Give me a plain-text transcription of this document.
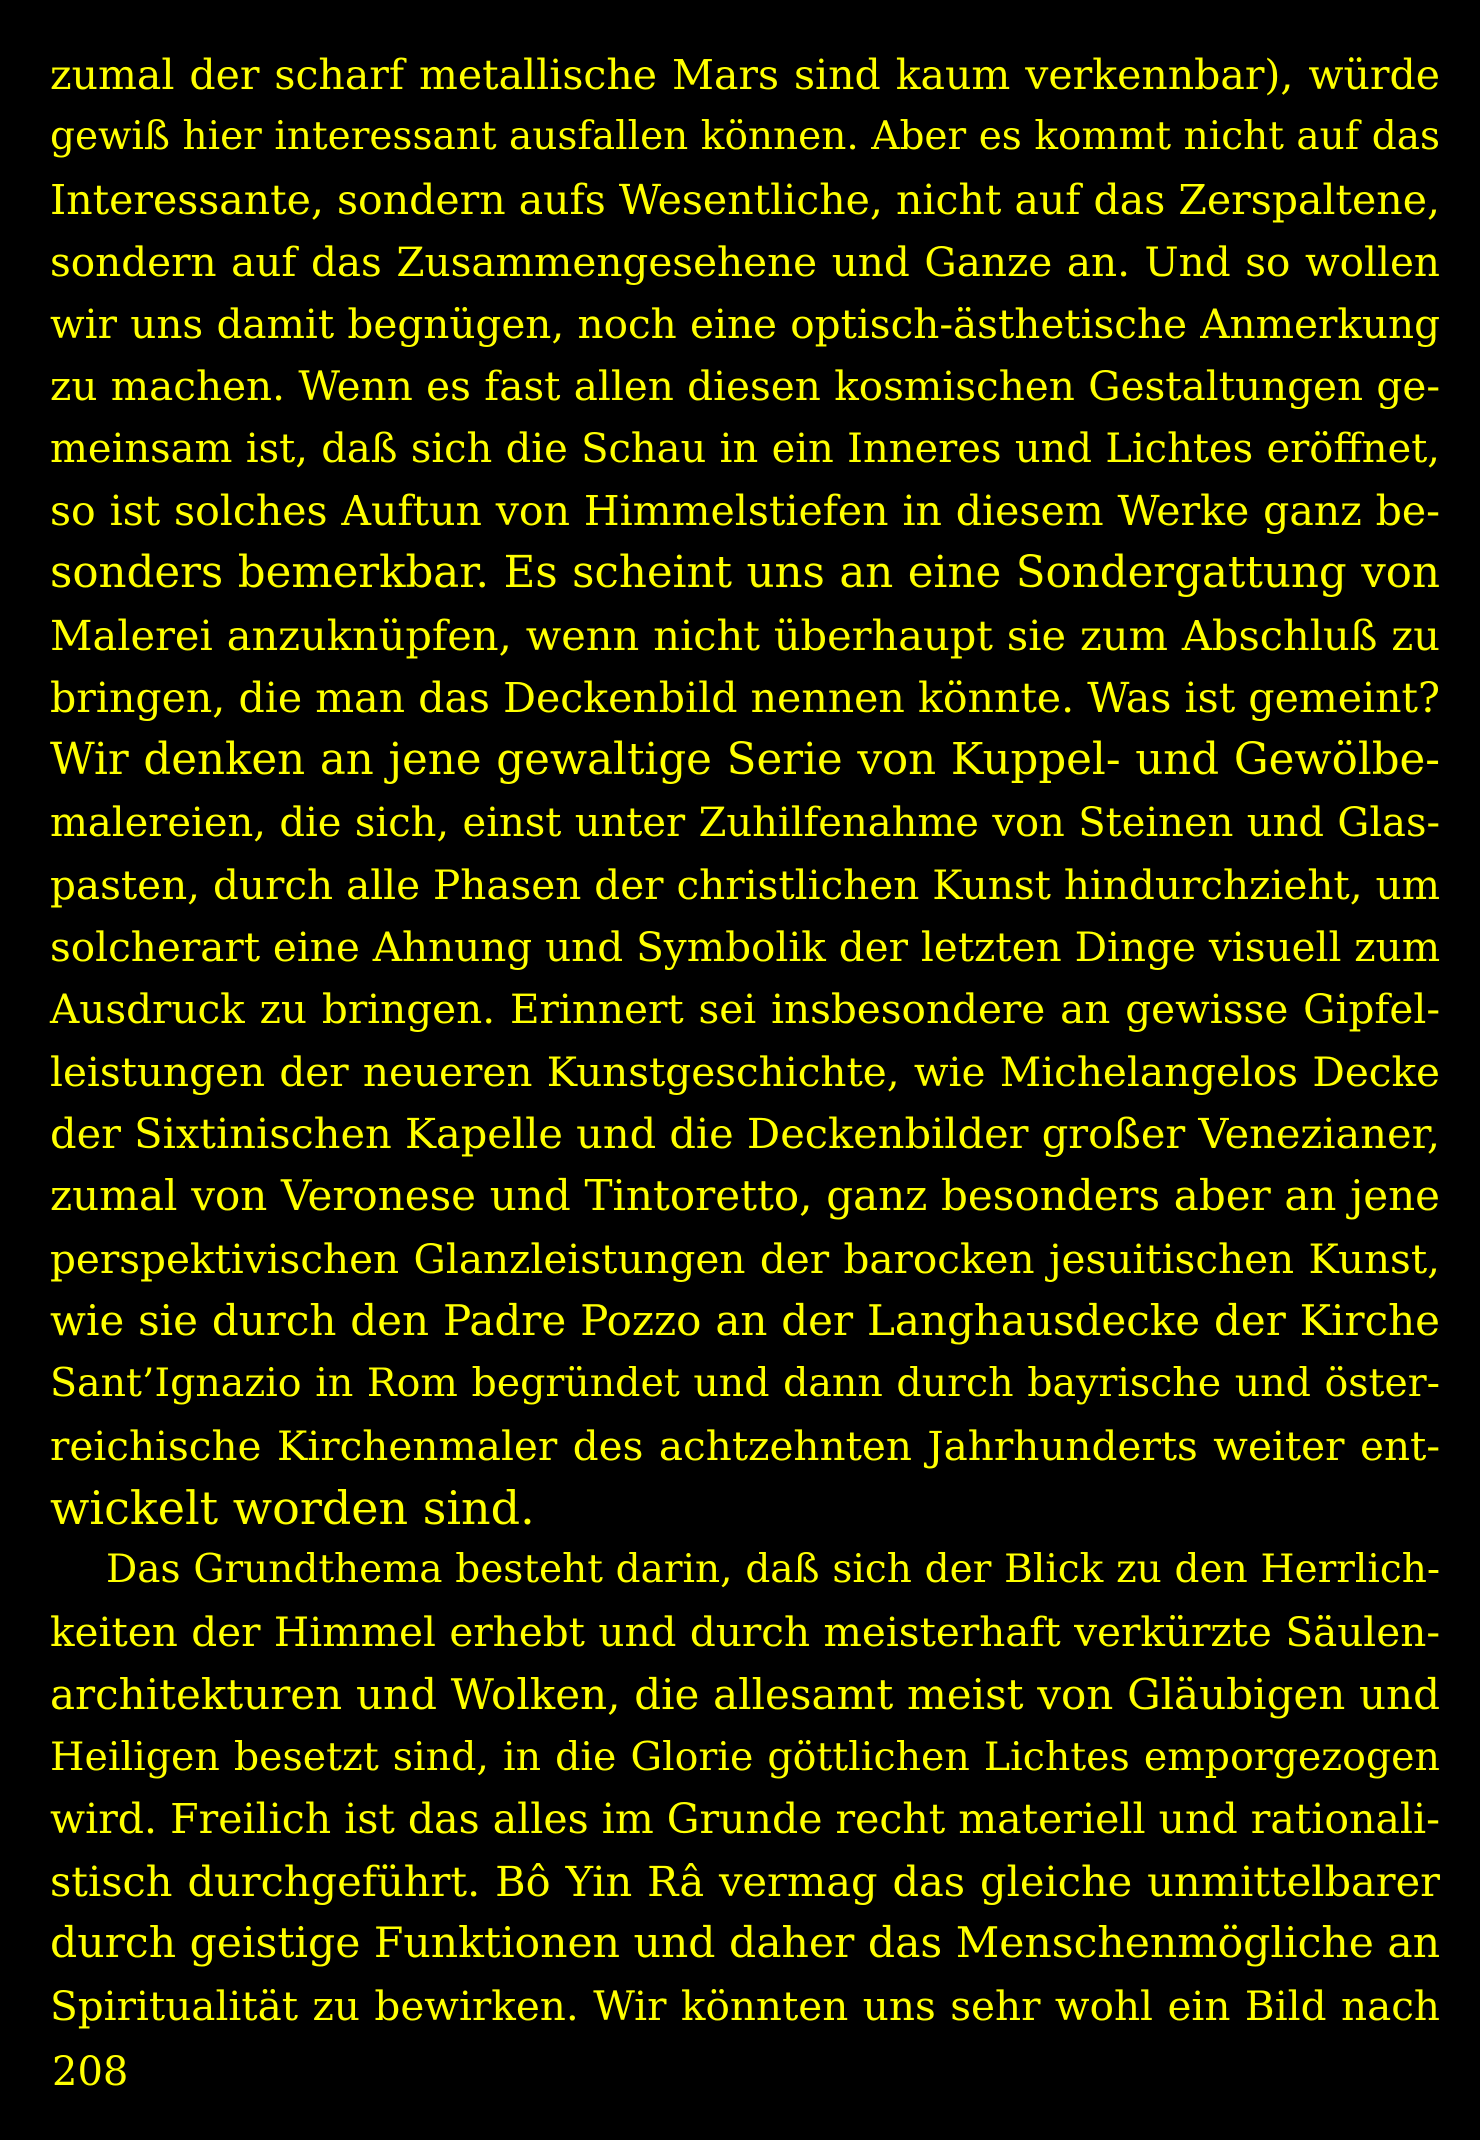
zumal der scharf metallische Mars sind kaum verkennbar), würde
gewiß hier interessant ausfallen können. Aber es kommt nicht auf das
Interessante, sondern aufs Wesentliche, nicht auf das Zerspaltene,
sondern auf das Zusammengesehene und Ganze an. Und so wollen
wir uns damit begnügen, noch eine optisch-ästhetische Anmerkung
zu machen. Wenn es fast allen diesen kosmischen Gestaltungen ge-
meinsam ist, daß sich die Schau in ein Inneres und Lichtes eröffnet,
so ist solches Auftun von Himmelstiefen in diesem Werke ganz be-
sonders bemerkbar. Es scheint uns an eine Sondergattung von
Malerei anzuknüpfen, wenn nicht überhaupt sie zum Abschluß zu
bringen, die man das Deckenbild nennen könnte. Was ist gemeint?
Wir denken an jene gewaltige Serie von Kuppel- und Gewölbe-
malereien, die sich, einst unter Zuhilfenahme von Steinen und Glas-
pasten, durch alle Phasen der christlichen Kunst hindurchzieht, um
solcherart eine Ahnung und Symbolik der letzten Dinge visuell zum
Ausdruck zu bringen. Erinnert sei insbesondere an gewisse Gipfel-
leistungen der neueren Kunstgeschichte, wie Michelangelos Decke
der Sixtinischen Kapelle und die Deckenbilder großer Venezianer,
zumal von Veronese und Tintoretto, ganz besonders aber an jene
perspektivischen Glanzleistungen der barocken jesuitischen Kunst,
wie sie durch den Padre Pozzo an der Langhausdecke der Kirche
Sant’Ignazio in Rom begründet und dann durch bayrische und öster-
reichische Kirchenmaler des achtzehnten Jahrhunderts weiter ent-
wickelt worden sind.
Das Grundthema besteht darin, daß sich der Blick zu den Herrlich-
keiten der Himmel erhebt und durch meisterhaft verkürzte Säulen-
architekturen und Wolken, die allesamt meist von Gläubigen und
Heiligen besetzt sind, in die Glorie göttlichen Lichtes emporgezogen
wird. Freilich ist das alles im Grunde recht materiell und rationali-
stisch durchgeführt. Bô Yin Râ vermag das gleiche unmittelbarer
durch geistige Funktionen und daher das Menschenmögliche an
Spiritualität zu bewirken. Wir könnten uns sehr wohl ein Bild nach
208
